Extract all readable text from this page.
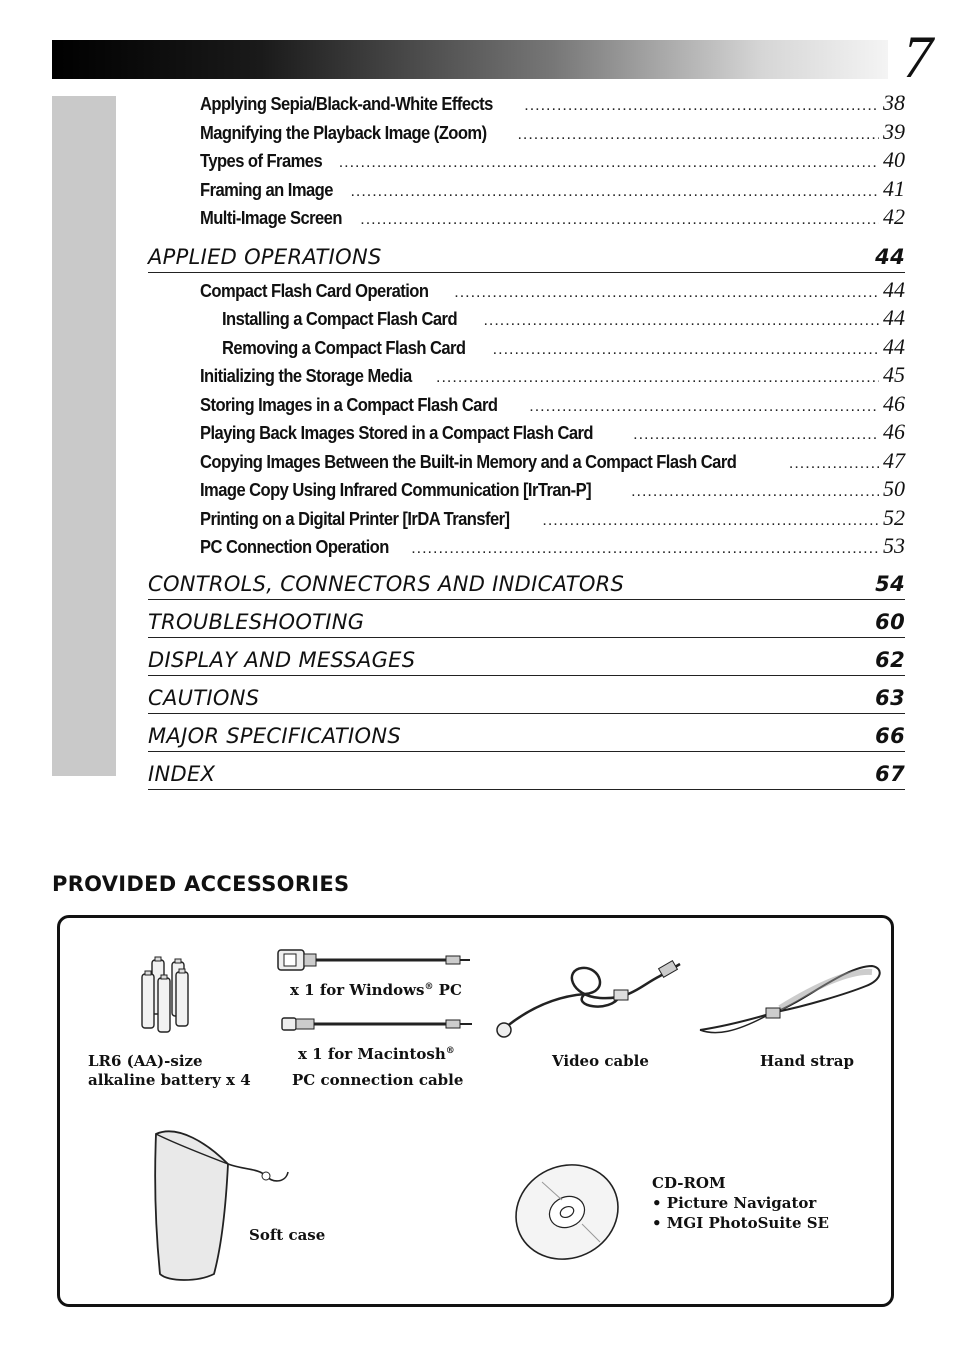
7
Applying Sepia/Black-and-White Effects .....	38
Magnifying the Playback Image (Zoom) .....	39
Types of Frames .....	40
Framing an Image .....	41
Multi-Image Screen .....	42
APPLIED OPERATIONS	44
Compact Flash Card Operation .....	44
Installing a Compact Flash Card .....	44
Removing a Compact Flash Card .....	44
Initializing the Storage Media .....	45
Storing Images in a Compact Flash Card .....	46
Playing Back Images Stored in a Compact Flash Card .....	46
Copying Images Between the Built-in Memory and a Compact Flash Card .....	47
Image Copy Using Infrared Communication [IrTran-P] .....	50
Printing on a Digital Printer [IrDA Transfer] .....	52
PC Connection Operation .....	53
CONTROLS, CONNECTORS AND INDICATORS	54
TROUBLESHOOTING	60
DISPLAY AND MESSAGES	62
CAUTIONS	63
MAJOR SPECIFICATIONS	66
INDEX	67
PROVIDED ACCESSORIES
LR6 (AA)-size
alkaline battery x 4
x 1 for Windows® PC
x 1 for Macintosh®
PC connection cable
Video cable	Hand strap
Soft case
CD-ROM
• Picture Navigator
• MGI PhotoSuite SE
